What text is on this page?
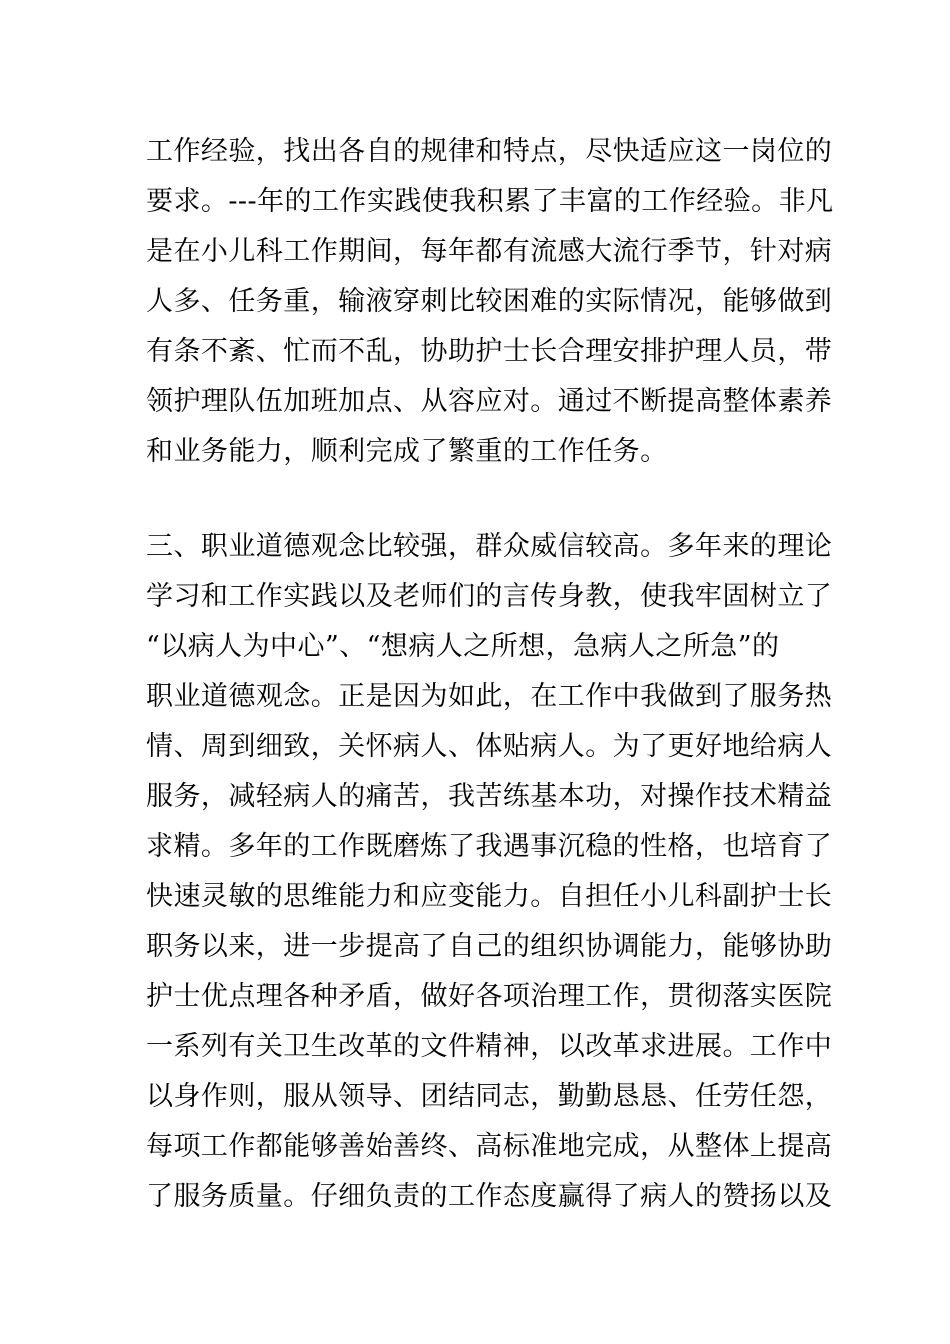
工作经验，找出各自的规律和特点，尽快适应这一岗位的
要求。---年的工作实践使我积累了丰富的工作经验。非凡
是在小儿科工作期间，每年都有流感大流行季节，针对病
人多、任务重，输液穿刺比较困难的实际情况，能够做到
有条不紊、忙而不乱，协助护士长合理安排护理人员，带
领护理队伍加班加点、从容应对。通过不断提高整体素养
和业务能力，顺利完成了繁重的工作任务。
三、职业道德观念比较强，群众威信较高。多年来的理论
学习和工作实践以及老师们的言传身教，使我牢固树立了
“以病人为中心”、“想病人之所想，急病人之所急”的
职业道德观念。正是因为如此，在工作中我做到了服务热
情、周到细致，关怀病人、体贴病人。为了更好地给病人
服务，减轻病人的痛苦，我苦练基本功，对操作技术精益
求精。多年的工作既磨炼了我遇事沉稳的性格，也培育了
快速灵敏的思维能力和应变能力。自担任小儿科副护士长
职务以来，进一步提高了自己的组织协调能力，能够协助
护士优点理各种矛盾，做好各项治理工作，贯彻落实医院
一系列有关卫生改革的文件精神，以改革求进展。工作中
以身作则，服从领导、团结同志，勤勤恳恳、任劳任怨，
每项工作都能够善始善终、高标准地完成，从整体上提高
了服务质量。仔细负责的工作态度赢得了病人的赞扬以及
